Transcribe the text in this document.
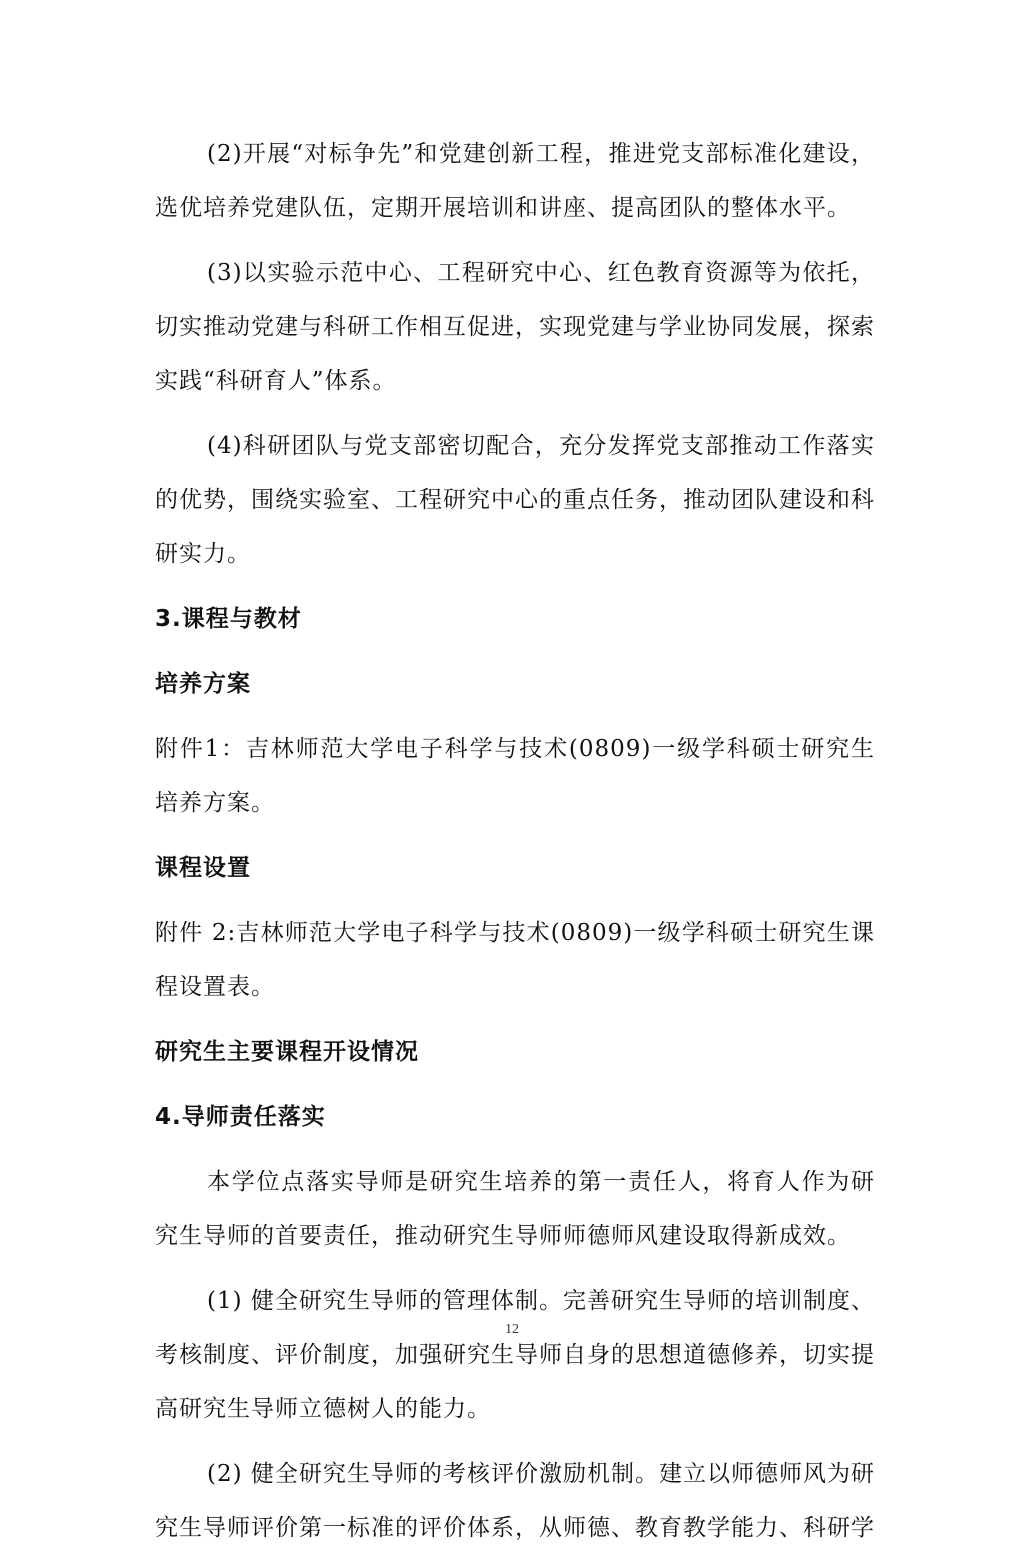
(2)开展“对标争先”和党建创新工程，推进党支部标准化建设，选优培养党建队伍，定期开展培训和讲座、提高团队的整体水平。
(3)以实验示范中心、工程研究中心、红色教育资源等为依托，切实推动党建与科研工作相互促进，实现党建与学业协同发展，探索实践“科研育人”体系。
(4)科研团队与党支部密切配合，充分发挥党支部推动工作落实的优势，围绕实验室、工程研究中心的重点任务，推动团队建设和科研实力。
3.课程与教材
培养方案
附件1：吉林师范大学电子科学与技术(0809)一级学科硕士研究生培养方案。
课程设置
附件 2:吉林师范大学电子科学与技术(0809)一级学科硕士研究生课程设置表。
研究生主要课程开设情况
4.导师责任落实
本学位点落实导师是研究生培养的第一责任人，将育人作为研究生导师的首要责任，推动研究生导师师德师风建设取得新成效。
(1) 健全研究生导师的管理体制。完善研究生导师的培训制度、考核制度、评价制度，加强研究生导师自身的思想道德修养，切实提高研究生导师立德树人的能力。
(2) 健全研究生导师的考核评价激励机制。建立以师德师风为研究生导师评价第一标准的评价体系，从师德、教育教学能力、科研学
12
